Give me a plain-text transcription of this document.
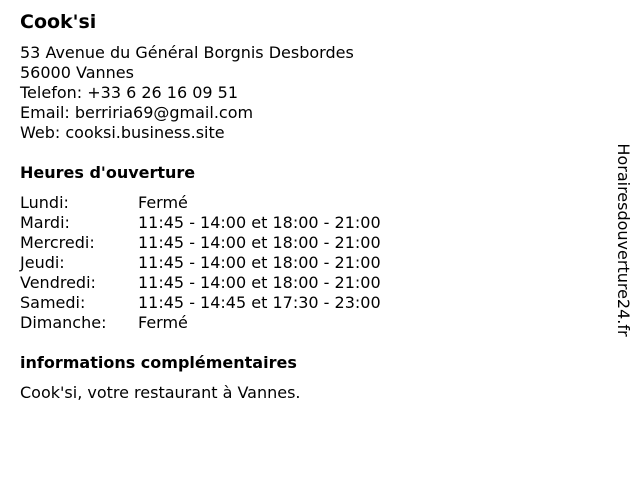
Cook'si
53 Avenue du Général Borgnis Desbordes
56000 Vannes
Telefon: +33 6 26 16 09 51
Email: berriria69@gmail.com
Web: cooksi.business.site
Heures d'ouverture
Lundi:	Fermé
Mardi:	11:45 - 14:00 et 18:00 - 21:00
Mercredi:	11:45 - 14:00 et 18:00 - 21:00
Jeudi:	11:45 - 14:00 et 18:00 - 21:00
Vendredi:	11:45 - 14:00 et 18:00 - 21:00
Samedi:	11:45 - 14:45 et 17:30 - 23:00
Dimanche:	Fermé
informations complémentaires
Cook'si, votre restaurant à Vannes.
Horairesdouverture24.fr
